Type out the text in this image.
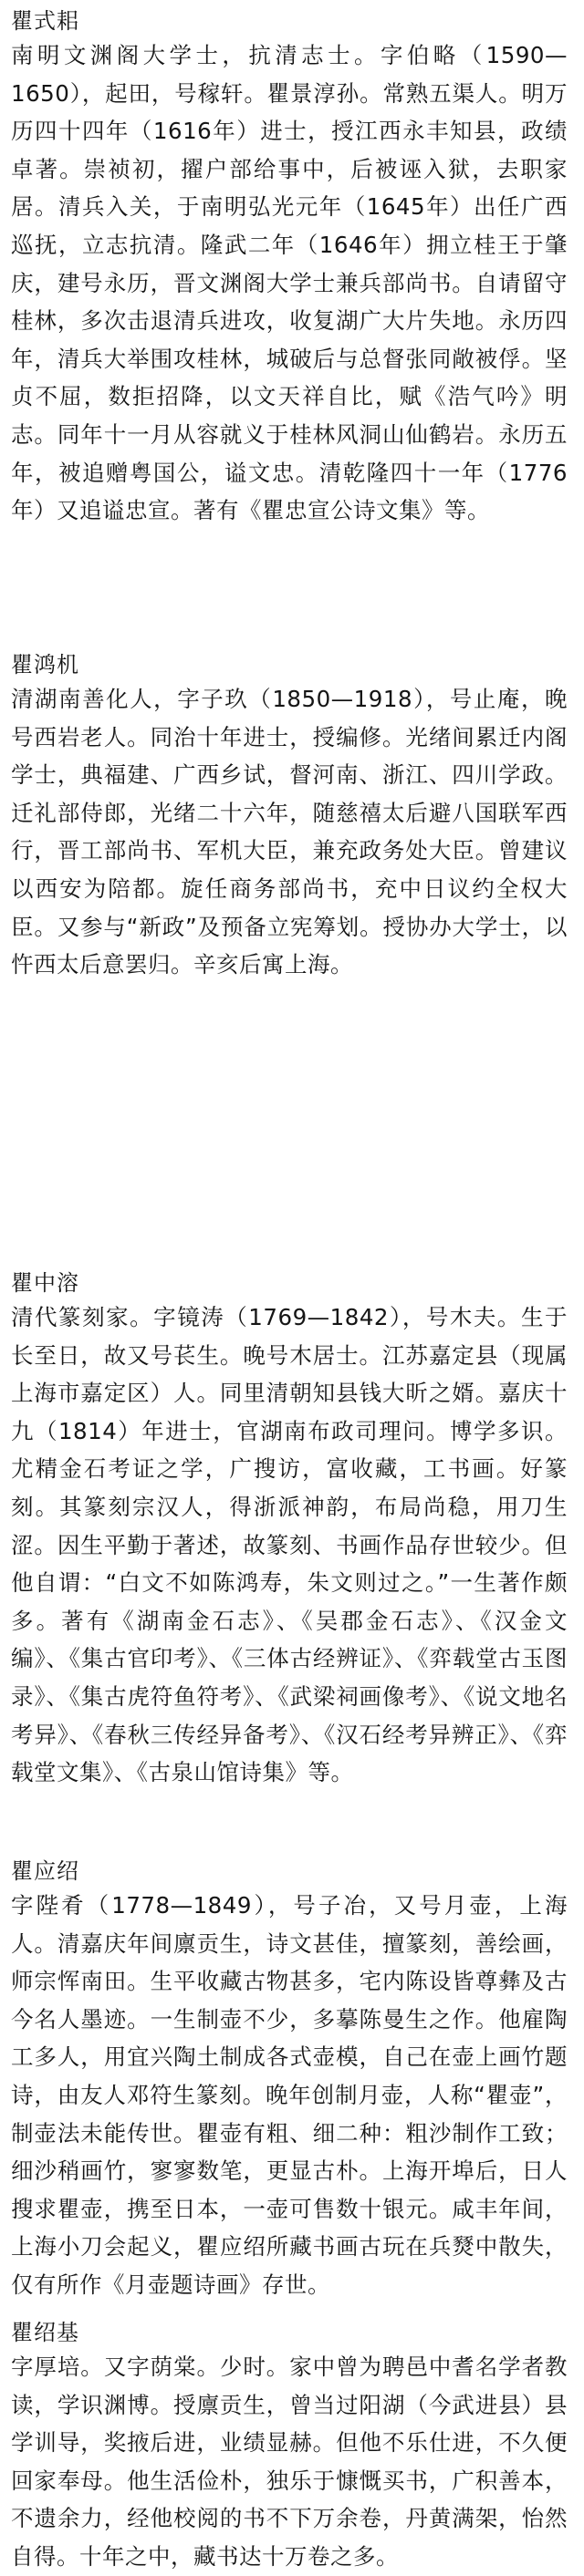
瞿式耜

南明文渊阁大学士，抗清志士。字伯略（1590—1650），起田，号稼轩。瞿景淳孙。常熟五渠人。明万历四十四年（1616年）进士，授江西永丰知县，政绩卓著。崇祯初，擢户部给事中，后被诬入狱，去职家居。清兵入关，于南明弘光元年（1645年）出任广西巡抚，立志抗清。隆武二年（1646年）拥立桂王于肇庆，建号永历，晋文渊阁大学士兼兵部尚书。自请留守桂林，多次击退清兵进攻，收复湖广大片失地。永历四年，清兵大举围攻桂林，城破后与总督张同敞被俘。坚贞不屈，数拒招降，以文天祥自比，赋《浩气吟》明志。同年十一月从容就义于桂林风洞山仙鹤岩。永历五年，被追赠粤国公，谥文忠。清乾隆四十一年（1776年）又追谥忠宣。著有《瞿忠宣公诗文集》等。

瞿鸿机

清湖南善化人，字子玖（1850—1918），号止庵，晚号西岩老人。同治十年进士，授编修。光绪间累迁内阁学士，典福建、广西乡试，督河南、浙江、四川学政。迁礼部侍郎，光绪二十六年，随慈禧太后避八国联军西行，晋工部尚书、军机大臣，兼充政务处大臣。曾建议以西安为陪都。旋任商务部尚书，充中日议约全权大臣。又参与“新政”及预备立宪筹划。授协办大学士，以忤西太后意罢归。辛亥后寓上海。

瞿中溶

清代篆刻家。字镜涛（1769—1842），号木夫。生于长至日，故又号苌生。晚号木居士。江苏嘉定县（现属上海市嘉定区）人。同里清朝知县钱大昕之婿。嘉庆十九（1814）年进士，官湖南布政司理问。博学多识。尤精金石考证之学，广搜访，富收藏，工书画。好篆刻。其篆刻宗汉人，得浙派神韵，布局尚稳，用刀生涩。因生平勤于著述，故篆刻、书画作品存世较少。但他自谓：“白文不如陈鸿寿，朱文则过之。”一生著作颇多。著有《湖南金石志》、《吴郡金石志》、《汉金文编》、《集古官印考》、《三体古经辨证》、《弈载堂古玉图录》、《集古虎符鱼符考》、《武梁祠画像考》、《说文地名考异》、《春秋三传经异备考》、《汉石经考异辨正》、《弈载堂文集》、《古泉山馆诗集》等。

瞿应绍

字陛肴（1778—1849），号子冶，又号月壶，上海人。清嘉庆年间廪贡生，诗文甚佳，擅篆刻，善绘画，师宗恽南田。生平收藏古物甚多，宅内陈设皆尊彝及古今名人墨迹。一生制壶不少，多摹陈曼生之作。他雇陶工多人，用宜兴陶土制成各式壶模，自己在壶上画竹题诗，由友人邓符生篆刻。晚年创制月壶，人称“瞿壶”，制壶法未能传世。瞿壶有粗、细二种：粗沙制作工致；细沙稍画竹，寥寥数笔，更显古朴。上海开埠后，日人搜求瞿壶，携至日本，一壶可售数十银元。咸丰年间，上海小刀会起义，瞿应绍所藏书画古玩在兵燹中散失，仅有所作《月壶题诗画》存世。

瞿绍基

字厚培。又字荫棠。少时。家中曾为聘邑中耆名学者教读，学识渊博。授廪贡生，曾当过阳湖（今武进县）县学训导，奖掖后进，业绩显赫。但他不乐仕进，不久便回家奉母。他生活俭朴，独乐于慷慨买书，广积善本，不遗余力，经他校阅的书不下万余卷，丹黄满架，怡然自得。十年之中，藏书达十万卷之多。
